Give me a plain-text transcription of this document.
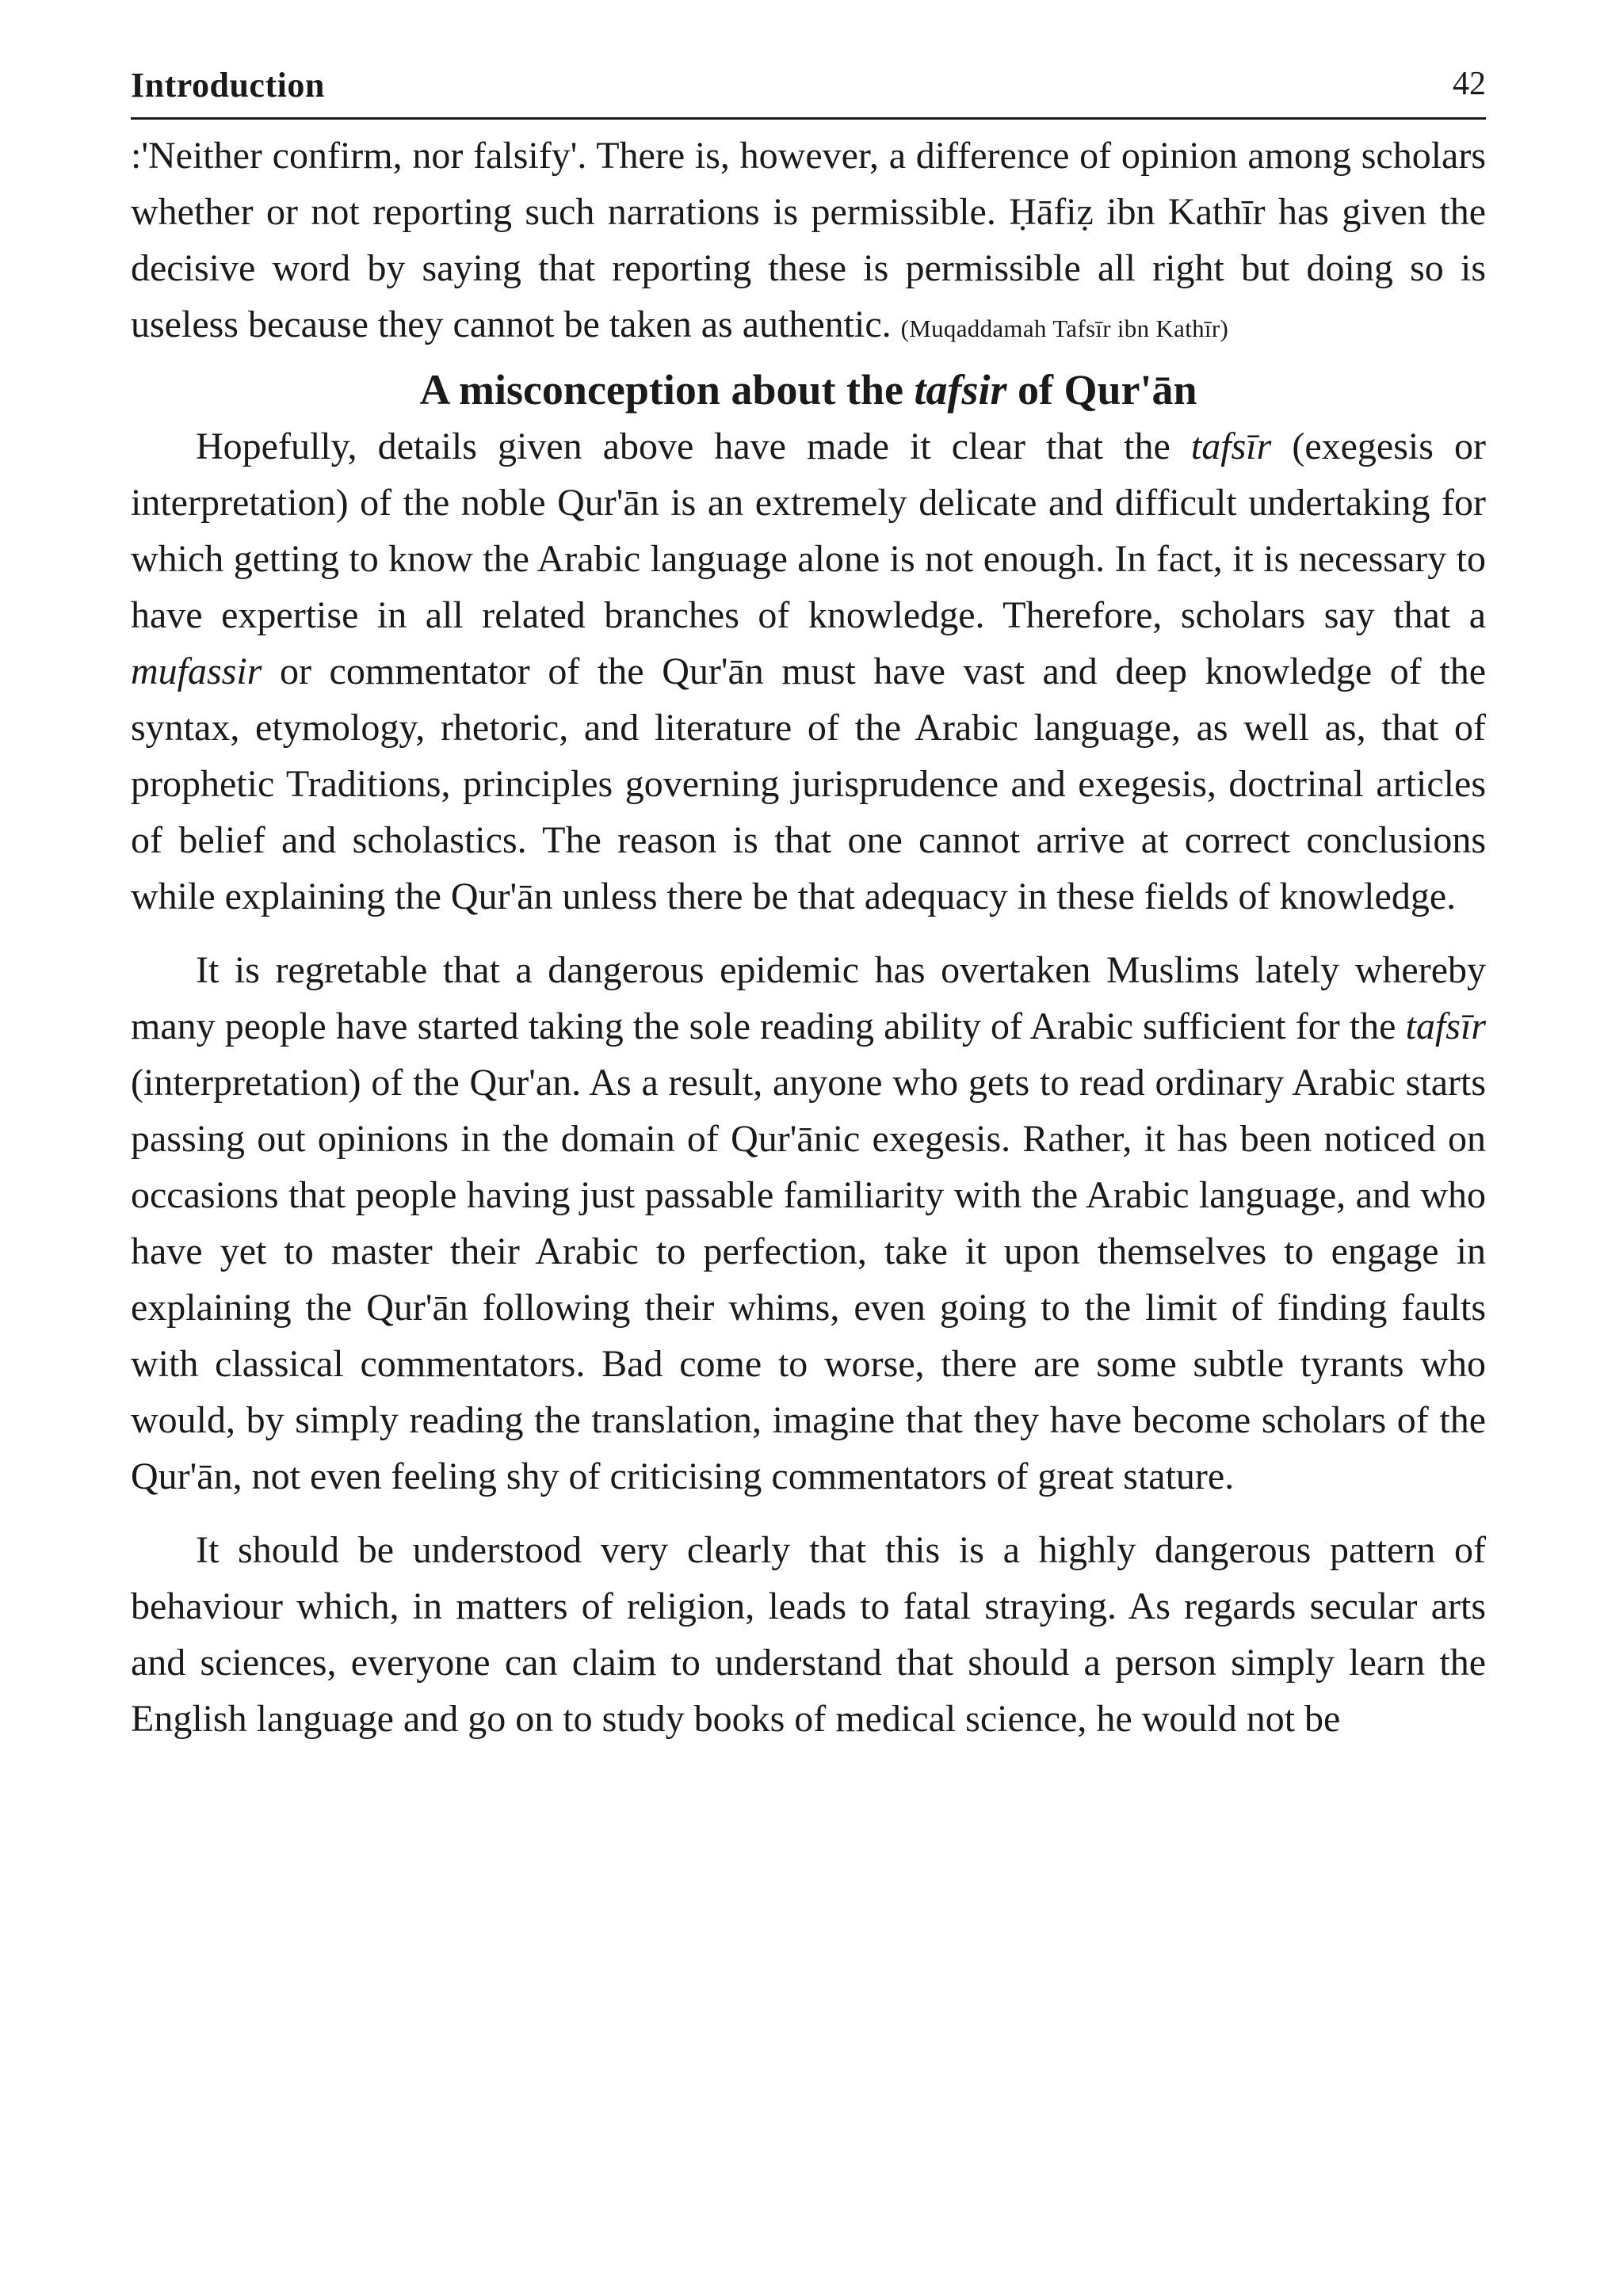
Introduction	42

:'Neither confirm, nor falsify'. There is, however, a difference of opinion among scholars whether or not reporting such narrations is permissible. Ḥāfiẓ ibn Kathīr has given the decisive word by saying that reporting these is permissible all right but doing so is useless because they cannot be taken as authentic. (Muqaddamah Tafsīr ibn Kathīr)

A misconception about the tafsir of Qur'ān

Hopefully, details given above have made it clear that the tafsīr (exegesis or interpretation) of the noble Qur'ān is an extremely delicate and difficult undertaking for which getting to know the Arabic language alone is not enough. In fact, it is necessary to have expertise in all related branches of knowledge. Therefore, scholars say that a mufassir or commentator of the Qur'ān must have vast and deep knowledge of the syntax, etymology, rhetoric, and literature of the Arabic language, as well as, that of prophetic Traditions, principles governing jurisprudence and exegesis, doctrinal articles of belief and scholastics. The reason is that one cannot arrive at correct conclusions while explaining the Qur'ān unless there be that adequacy in these fields of knowledge.

It is regretable that a dangerous epidemic has overtaken Muslims lately whereby many people have started taking the sole reading ability of Arabic sufficient for the tafsīr (interpretation) of the Qur'an. As a result, anyone who gets to read ordinary Arabic starts passing out opinions in the domain of Qur'ānic exegesis. Rather, it has been noticed on occasions that people having just passable familiarity with the Arabic language, and who have yet to master their Arabic to perfection, take it upon themselves to engage in explaining the Qur'ān following their whims, even going to the limit of finding faults with classical commentators. Bad come to worse, there are some subtle tyrants who would, by simply reading the translation, imagine that they have become scholars of the Qur'ān, not even feeling shy of criticising commentators of great stature.

It should be understood very clearly that this is a highly dangerous pattern of behaviour which, in matters of religion, leads to fatal straying. As regards secular arts and sciences, everyone can claim to understand that should a person simply learn the English language and go on to study books of medical science, he would not be
